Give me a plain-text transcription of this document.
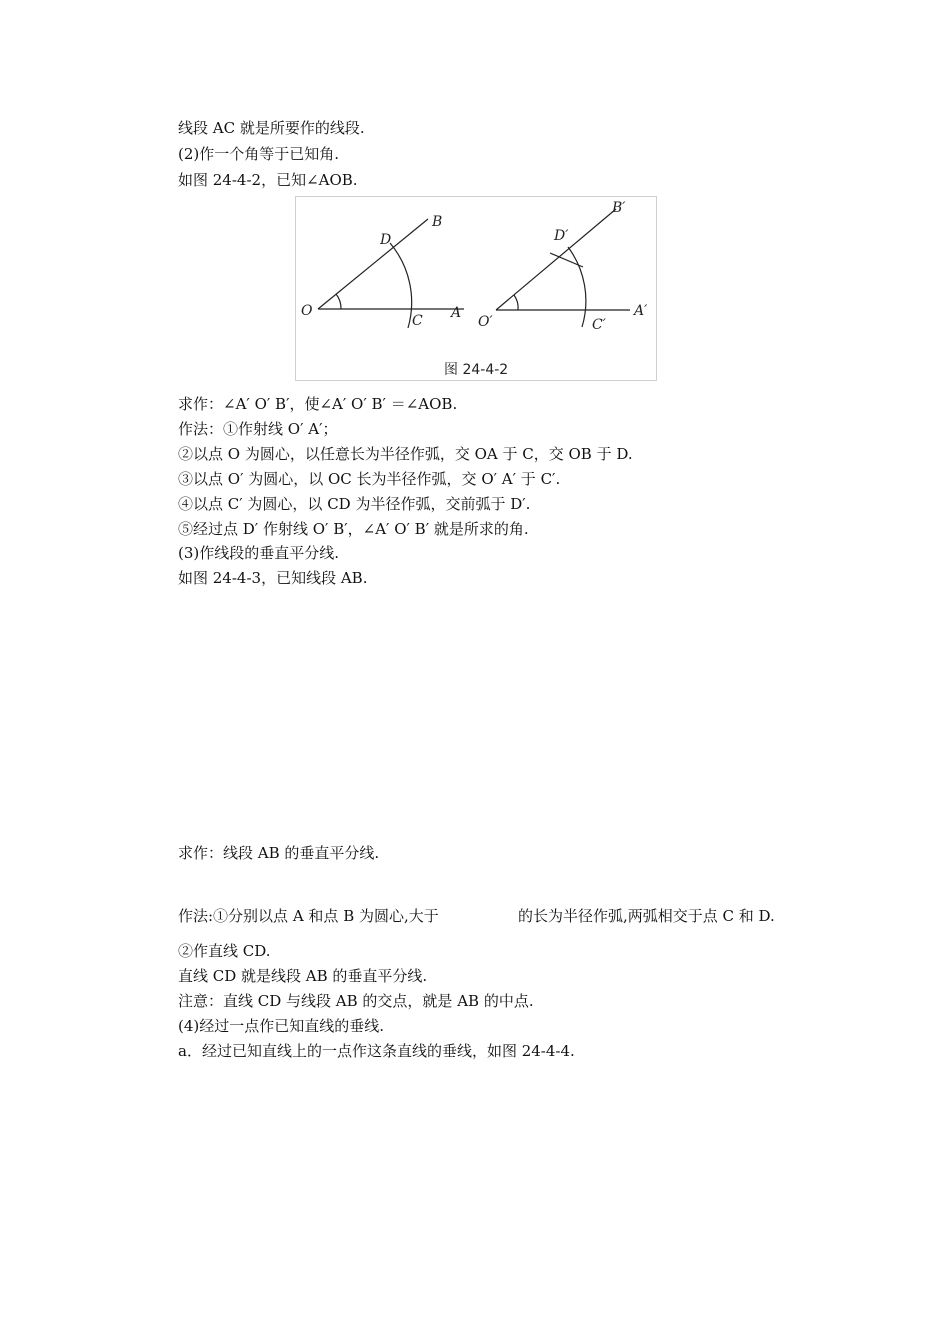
线段 AC 就是所要作的线段.
(2)作一个角等于已知角.
如图 24-4-2，已知∠AOB.
O	A
B
C
D
O′
A′
B′
C′
D′
图 24-4-2
求作：∠A′ O′ B′，使∠A′ O′ B′ ＝∠AOB.
作法：①作射线 O′ A′；
②以点 O 为圆心，以任意长为半径作弧，交 OA 于 C，交 OB 于 D.
③以点 O′ 为圆心，以 OC 长为半径作弧，交 O′ A′ 于 C′.
④以点 C′ 为圆心，以 CD 为半径作弧，交前弧于 D′.
⑤经过点 D′ 作射线 O′ B′，∠A′ O′ B′ 就是所求的角.
(3)作线段的垂直平分线.
如图 24-4-3，已知线段 AB.
求作：线段 AB 的垂直平分线.
作法:①分别以点 A 和点 B 为圆心,大于	的长为半径作弧,两弧相交于点 C 和 D.
②作直线 CD.
直线 CD 就是线段 AB 的垂直平分线.
注意：直线 CD 与线段 AB 的交点，就是 AB 的中点.
(4)经过一点作已知直线的垂线.
a．经过已知直线上的一点作这条直线的垂线，如图 24-4-4.
